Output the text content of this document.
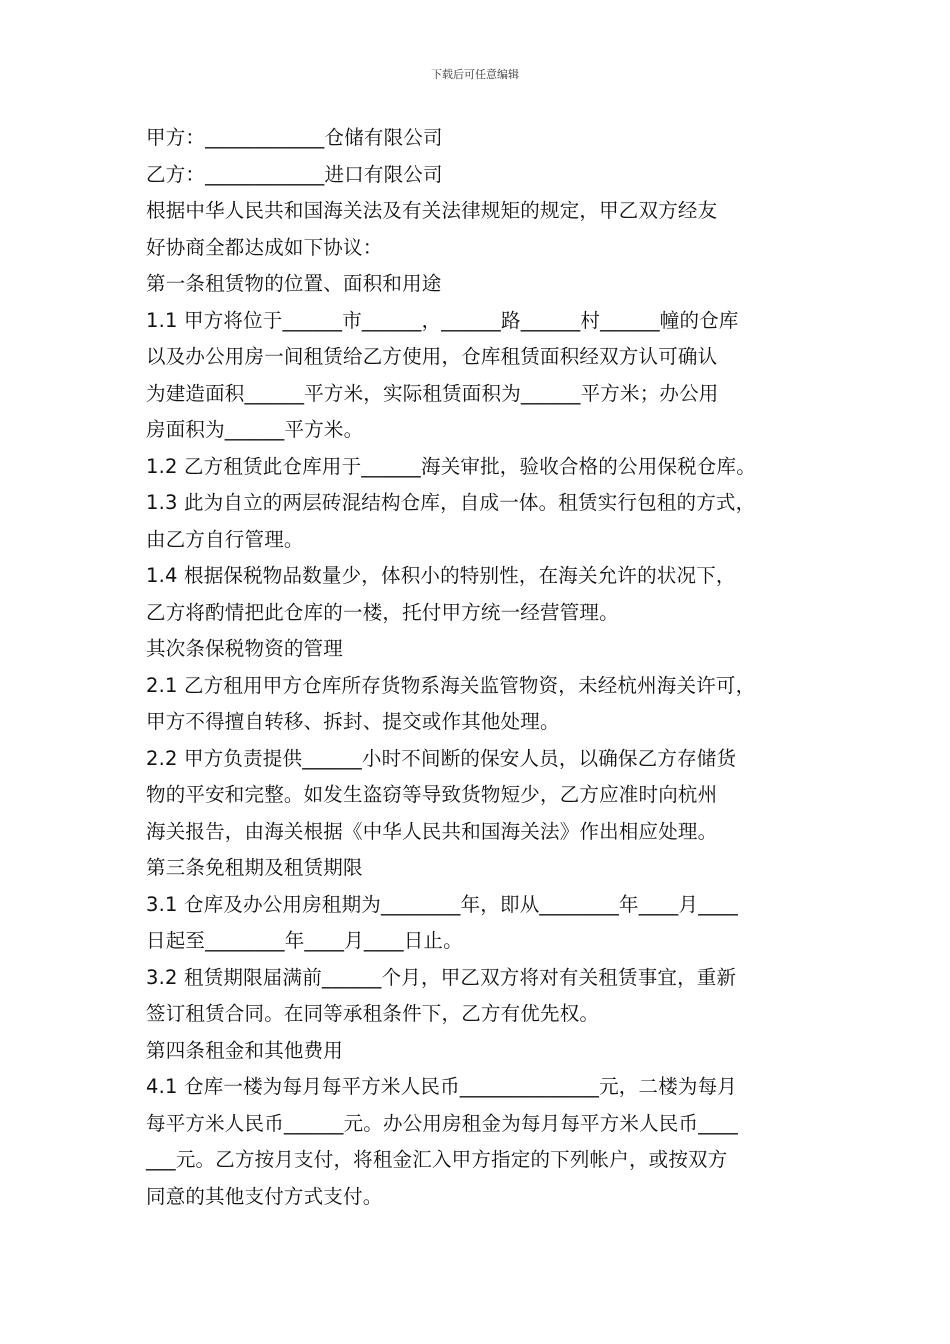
下载后可任意编辑

甲方：____________仓储有限公司

乙方：____________进口有限公司

根据中华人民共和国海关法及有关法律规矩的规定，甲乙双方经友

好协商全都达成如下协议：

第一条租赁物的位置、面积和用途

1.1 甲方将位于______市______，______路______村______幢的仓库

以及办公用房一间租赁给乙方使用，仓库租赁面积经双方认可确认

为建造面积______平方米，实际租赁面积为______平方米；办公用

房面积为______平方米。

1.2 乙方租赁此仓库用于______海关审批，验收合格的公用保税仓库。

1.3 此为自立的两层砖混结构仓库，自成一体。租赁实行包租的方式，

由乙方自行管理。

1.4 根据保税物品数量少，体积小的特别性，在海关允许的状况下，

乙方将酌情把此仓库的一楼，托付甲方统一经营管理。

其次条保税物资的管理

2.1 乙方租用甲方仓库所存货物系海关监管物资，未经杭州海关许可，

甲方不得擅自转移、拆封、提交或作其他处理。

2.2 甲方负责提供______小时不间断的保安人员，以确保乙方存储货

物的平安和完整。如发生盗窃等导致货物短少，乙方应准时向杭州

海关报告，由海关根据《中华人民共和国海关法》作出相应处理。

第三条免租期及租赁期限

3.1 仓库及办公用房租期为________年，即从________年____月____

日起至________年____月____日止。

3.2 租赁期限届满前______个月，甲乙双方将对有关租赁事宜，重新

签订租赁合同。在同等承租条件下，乙方有优先权。

第四条租金和其他费用

4.1 仓库一楼为每月每平方米人民币______________元，二楼为每月

每平方米人民币______元。办公用房租金为每月每平方米人民币____

___元。乙方按月支付，将租金汇入甲方指定的下列帐户，或按双方

同意的其他支付方式支付。
